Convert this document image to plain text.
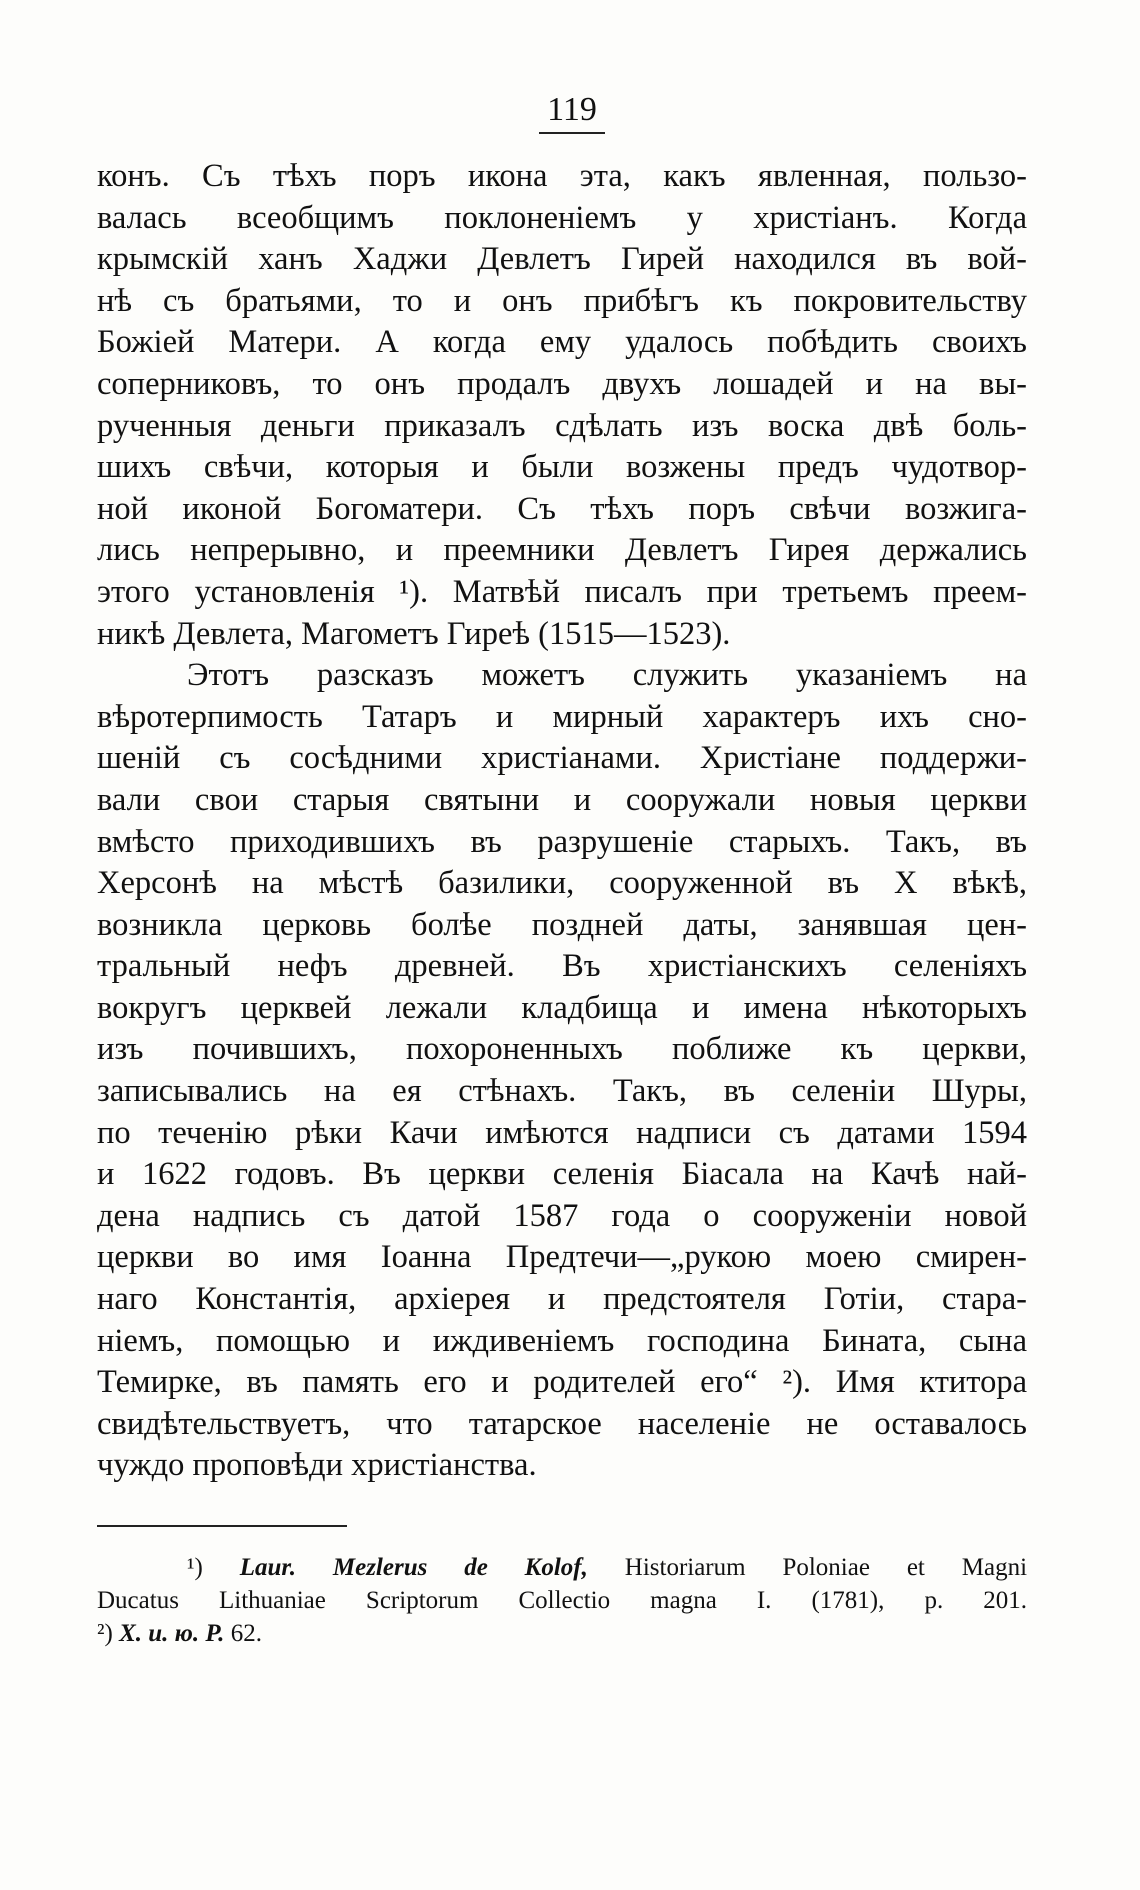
119
конъ. Съ тѣхъ поръ икона эта, какъ явленная, пользо-
валась всеобщимъ поклоненіемъ у христіанъ. Когда
крымскій ханъ Хаджи Девлетъ Гирей находился въ вой-
нѣ съ братьями, то и онъ прибѣгъ къ покровительству
Божіей Матери. А когда ему удалось побѣдить своихъ
соперниковъ, то онъ продалъ двухъ лошадей и на вы-
рученныя деньги приказалъ сдѣлать изъ воска двѣ боль-
шихъ свѣчи, которыя и были возжены предъ чудотвор-
ной иконой Богоматери. Съ тѣхъ поръ свѣчи возжига-
лись непрерывно, и преемники Девлетъ Гирея держались
этого установленія ¹). Матвѣй писалъ при третьемъ преем-
никѣ Девлета, Магометъ Гиреѣ (1515—1523).
Этотъ разсказъ можетъ служить указаніемъ на
вѣротерпимость Татаръ и мирный характеръ ихъ сно-
шеній съ сосѣдними христіанами. Христіане поддержи-
вали свои старыя святыни и сооружали новыя церкви
вмѣсто приходившихъ въ разрушеніе старыхъ. Такъ, въ
Херсонѣ на мѣстѣ базилики, сооруженной въ X вѣкѣ,
возникла церковь болѣе поздней даты, занявшая цен-
тральный нефъ древней. Въ христіанскихъ селеніяхъ
вокругъ церквей лежали кладбища и имена нѣкоторыхъ
изъ почившихъ, похороненныхъ поближе къ церкви,
записывались на ея стѣнахъ. Такъ, въ селеніи Шуры,
по теченію рѣки Качи имѣются надписи съ датами 1594
и 1622 годовъ. Въ церкви селенія Біасала на Качѣ най-
дена надпись съ датой 1587 года о сооруженіи новой
церкви во имя Іоанна Предтечи—„рукою моею смирен-
наго Константія, архіерея и предстоятеля Готіи, стара-
ніемъ, помощью и иждивеніемъ господина Бината, сына
Темирке, въ память его и родителей его“ ²). Имя ктитора
свидѣтельствуетъ, что татарское населеніе не оставалось
чуждо проповѣди христіанства.
¹) Laur. Mezlerus de Kolof, Historiarum Poloniae et Magni
Ducatus Lithuaniae Scriptorum Collectio magna I. (1781), p. 201.
²) X. и. ю. Р. 62.
